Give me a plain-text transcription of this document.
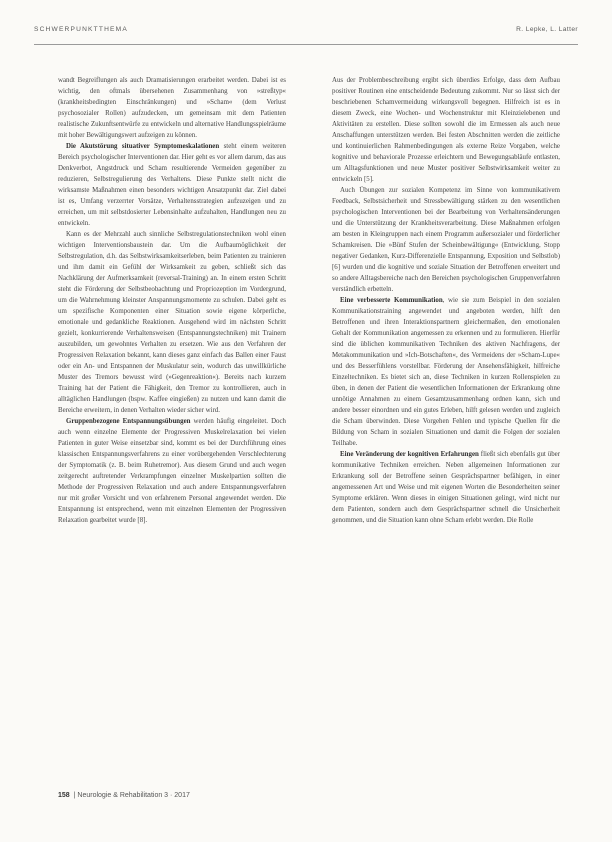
SCHWERPUNKTTHEMA	R. Lepke, L. Latter

wandt Begreiflungen als auch Dramatisierungen erarbeitet werden. Dabei ist es wichtig, den oftmals übersehenen Zusammenhang von »streßtyp« (krankheitsbedingten Einschränkungen) und »Scham« (dem Verlust psychosozialer Rollen) aufzudecken, um gemeinsam mit dem Patienten realistische Zukunftsentwürfe zu entwickeln und alternative Handlungsspielräume mit hoher Bewältigungswert aufzeigen zu können.

Die Akutstörung situativer Symptomeskalationen steht einem weiteren Bereich psychologischer Interventionen dar. Hier geht es vor allem darum, das aus Denkverbot, Angstdruck und Scham resultierende Vermeiden gegenüber zu reduzieren, Selbstregulierung des Verhaltens. Diese Punkte stellt nicht die wirksamste Maßnahmen einen besonders wichtigen Ansatzpunkt dar. Ziel dabei ist es, Umfang verzerrter Vorsätze, Verhaltensstrategien aufzuzeigen und zu erreichen, um mit selbstdosierter Lebensinhalte aufzuhalten, Handlungen neu zu entwickeln.

Kann es der Mehrzahl auch sinnliche Selbstregulationstechniken wohl einen wichtigen Interventionsbaustein dar. Um die Aufbaumöglichkeit der Selbstregulation, d.h. das Selbstwirksamkeitserleben, beim Patienten zu trainieren und ihm damit ein Gefühl der Wirksamkeit zu geben, schließt sich das Nachklärung der Aufmerksamkeit (reversal-Training) an. In einem ersten Schritt steht die Förderung der Selbstbeobachtung und Propriozeption im Vordergrund, um die Wahrnehmung kleinster Anspannungsmomente zu schulen. Dabei geht es um spezifische Komponenten einer Situation sowie eigene körperliche, emotionale und gedankliche Reaktionen. Ausgehend wird im nächsten Schritt gezielt, konkurrierende Verhaltensweisen (Entspannungstechniken) mit Trainern auszubilden, um gewohntes Verhalten zu ersetzen. Wie aus den Verfahren der Progressiven Relaxation bekannt, kann dieses ganz einfach das Ballen einer Faust oder ein An- und Entspannen der Muskulatur sein, wodurch das unwillkürliche Muster des Tremors bewusst wird (»Gegenreaktion«). Bereits nach kurzem Training hat der Patient die Fähigkeit, den Tremor zu kontrollieren, auch in alltäglichen Handlungen (bspw. Kaffee eingießen) zu nutzen und kann damit die Bereiche erweitern, in denen Verhalten wieder sicher wird.

Gruppenbezogene Entspannungsübungen werden häufig eingeleitet. Doch auch wenn einzelne Elemente der Progressiven Muskelrelaxation bei vielen Patienten in guter Weise einsetzbar sind, kommt es bei der Durchführung eines klassischen Entspannungsverfahrens zu einer vorübergehenden Verschlechterung der Symptomatik (z. B. beim Ruhetremor). Aus diesem Grund und auch wegen zeitgerecht auftretender Verkrampfungen einzelner Muskelpartien sollten die Methode der Progressiven Relaxation und auch andere Entspannungsverfahren nur mit großer Vorsicht und von erfahrenem Personal angewendet werden. Die Entspannung ist entsprechend, wenn mit einzelnen Elementen der Progressiven Relaxation gearbeitet wurde [8].

Aus der Problembeschreibung ergibt sich überdies Erfolge, dass dem Aufbau positiver Routinen eine entscheidende Bedeutung zukommt. Nur so lässt sich der beschriebenen Schamvermeidung wirkungsvoll begegnen. Hilfreich ist es in diesem Zweck, eine Wochen- und Wochenstruktur mit Kleinzielebenen und Aktivitäten zu erstellen. Diese sollten sowohl die im Ermessen als auch neue Anschaffungen unterstützen werden. Bei festen Abschnitten werden die zeitliche und kontinuierlichen Rahmenbedingungen als externe Reize Vorgaben, welche kognitive und behaviorale Prozesse erleichtern und Bewegungsabläufe entlasten, um Alltagsfunktionen und neue Muster positiver Selbstwirksamkeit weiter zu entwickeln [5].

Auch Übungen zur sozialen Kompetenz im Sinne von kommunikativem Feedback, Selbstsicherheit und Stressbewältigung stärken zu den wesentlichen psychologischen Interventionen bei der Bearbeitung von Verhaltensänderungen und die Unterstützung der Krankheitsverarbeitung. Diese Maßnahmen erfolgen am besten in Kleingruppen nach einem Programm außersozialer und förderlicher Schamkreisen. Die »Bünf Stufen der Scheinbewältigung« (Entwicklung, Stopp negativer Gedanken, Kurz-Differenzielle Entspannung, Exposition und Selbstlob) [6] wurden und die kognitive und soziale Situation der Betroffenen erweitert und so andere Alltagsbereiche nach den Bereichen psychologischen Gruppenverfahren verständlich erbetteln.

Eine verbesserte Kommunikation, wie sie zum Beispiel in den sozialen Kommunikationstraining angewendet und angeboten werden, hilft den Betroffenen und ihren Interaktionspartnern gleichermaßen, den emotionalen Gehalt der Kommunikation angemessen zu erkennen und zu formulieren. Hierfür sind die üblichen kommunikativen Techniken des aktiven Nachfragens, der Metakommunikation und »Ich-Botschaften«, des Vermeidens der »Scham-Lupe« und des Besserfühlens vorstellbar. Förderung der Ansehensfähigkeit, hilfreiche Einzeltechniken. Es bietet sich an, diese Techniken in kurzen Rollenspielen zu üben, in denen der Patient die wesentlichen Informationen der Erkrankung ohne unnötige Annahmen zu einem Gesamtzusammenhang ordnen kann, sich und andere besser einordnen und ein gutes Erleben, hilft gelesen werden und zugleich die Scham überwinden. Diese Vorgehen Fehlen und typische Quellen für die Bildung von Scham in sozialen Situationen und damit die Folgen der sozialen Teilhabe.

Eine Veränderung der kognitiven Erfahrungen fließt sich ebenfalls gut über kommunikative Techniken erreichen. Neben allgemeinen Informationen zur Erkrankung soll der Betroffene seinen Gesprächspartner befähigen, in einer angemessenen Art und Weise und mit eigenen Worten die Besonderheiten seiner Symptome erklären. Wenn dieses in einigen Situationen gelingt, wird nicht nur dem Patienten, sondern auch dem Gesprächspartner schnell die Unsicherheit genommen, und die Situation kann ohne Scham erlebt werden. Die Rolle

158 | Neurologie & Rehabilitation 3 · 2017
